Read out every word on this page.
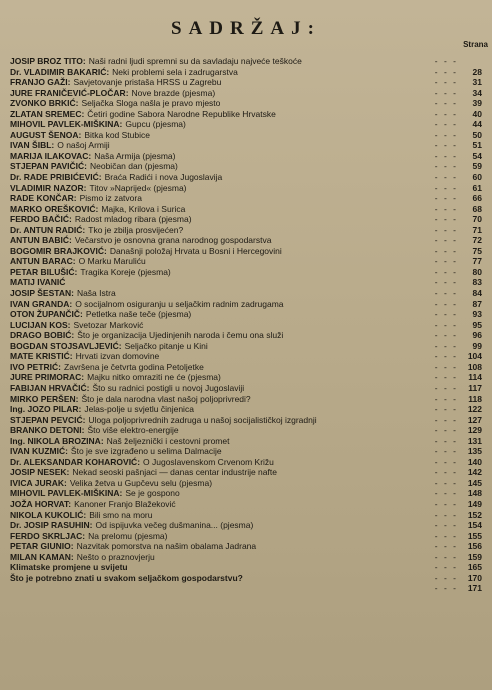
SADRŽAJ:
Strana
JOSIP BROZ TITO: Naši radni ljudi spremni su da savladaju najveće teškoće	- - -
Dr. VLADIMIR BAKARIĆ: Neki problemi sela i zadrugarstva	- - -	28
FRANJO GAŽI: Savjetovanje pristaša HRSS u Zagrebu	- - -	31
JURE FRANIČEVIĆ-PLOČAR: Nove brazde (pjesma)	- - -	34
ZVONKO BRKIĆ: Seljačka Sloga našla je pravo mjesto	- - -	39
ZLATAN SREMEC: Četiri godine Sabora Narodne Republike Hrvatske	- - -	40
MIHOVIL PAVLEK-MIŠKINA: Gupcu (pjesma)	- - -	44
AUGUST ŠENOA: Bitka kod Stubice	- - -	50
IVAN ŠIBL: O našoj Armiji	- - -	51
MARIJA ILAKOVAC: Naša Armija (pjesma)	- - -	54
STJEPAN PAVIČIĆ: Neobičan dan (pjesma)	- - -	59
Dr. RADE PRIBIĆEVIĆ: Braća Radići i nova Jugoslavija	- - -	60
VLADIMIR NAZOR: Titov »Naprijed« (pjesma)	- - -	61
RADE KONČAR: Pismo iz zatvora	- - -	66
MARKO OREŠKOVIĆ: Majka, Krilova i Surica	- - -	68
FERDO BAČIĆ: Radost mladog ribara (pjesma)	- - -	70
Dr. ANTUN RADIĆ: Tko je zbilja prosvijećen?	- - -	71
ANTUN BABIĆ: Večarstvo je osnovna grana narodnog gospodarstva	- - -	72
BOGOMIR BRAJKOVIĆ: Današnji položaj Hrvata u Bosni i Hercegovini	- - -	75
ANTUN BARAC: O Marku Maruliću	- - -	77
PETAR BILUŠIĆ: Tragika Koreje (pjesma)	- - -	80
MATIJ IVANIĆ	- - -	83
JOSIP ŠESTAN: Naša Istra	- - -	84
IVAN GRANDA: O socijalnom osiguranju u seljačkim radnim zadrugama	- - -	87
OTON ŽUPANČIČ: Petletka naše teče (pjesma)	- - -	93
LUCIJAN KOS: Svetozar Marković	- - -	95
DRAGO BOBIĆ: Što je organizacija Ujedinjenih naroda i čemu ona služi	- - -	96
BOGDAN STOJSAVLJEVIĆ: Seljačko pitanje u Kini	- - -	99
MATE KRISTIĆ: Hrvati izvan domovine	- - -	104
IVO PETRIĆ: Završena je četvrta godina Petoljetke	- - -	108
JURE PRIMORAC: Majku nitko omraziti ne će (pjesma)	- - -	114
FABIJAN HRVAČIĆ: Što su radnici postigli u novoj Jugoslaviji	- - -	117
MIRKO PERŠEN: Što je dala narodna vlast našoj poljoprivredi?	- - -	118
Ing. JOZO PILAR: Jelas-polje u svjetlu činjenica	- - -	122
STJEPAN PEVCIĆ: Uloga poljoprivrednih zadruga u našoj socijalističkoj izgradnji	- - -	127
BRANKO DETONI: Što više elektro-energije	- - -	129
Ing. NIKOLA BROZINA: Naš željeznički i cestovni promet	- - -	131
IVAN KUZMIĆ: Što je sve izgrađeno u selima Dalmacije	- - -	135
Dr. ALEKSANDAR KOHAROVIĆ: O Jugoslavenskom Crvenom Križu	- - -	140
JOSIP NESEK: Nekad seoski pašnjaci — danas centar industrije nafte	- - -	142
IVICA JURAK: Velika žetva u Gupčevu selu (pjesma)	- - -	145
MIHOVIL PAVLEK-MIŠKINA: Se je gospono	- - -	148
JOŽA HORVAT: Kanoner Franjo Blažeković	- - -	149
NIKOLA KUKOLIĆ: Bili smo na moru	- - -	152
Dr. JOSIP RASUHIN: Od ispijuvka večeg dušmanina... (pjesma)	- - -	154
FERDO SKRLJAC: Na prelomu (pjesma)	- - -	155
PETAR GIUNIO: Nazvitak pomorstva na našim obalama Jadrana	- - -	156
MILAN KAMAN: Nešto o praznovjerju	- - -	159
Klimatske promjene u svijetu	- - -	165
Što je potrebno znati u svakom seljačkom gospodarstvu?	- - -	170
- - -	171
